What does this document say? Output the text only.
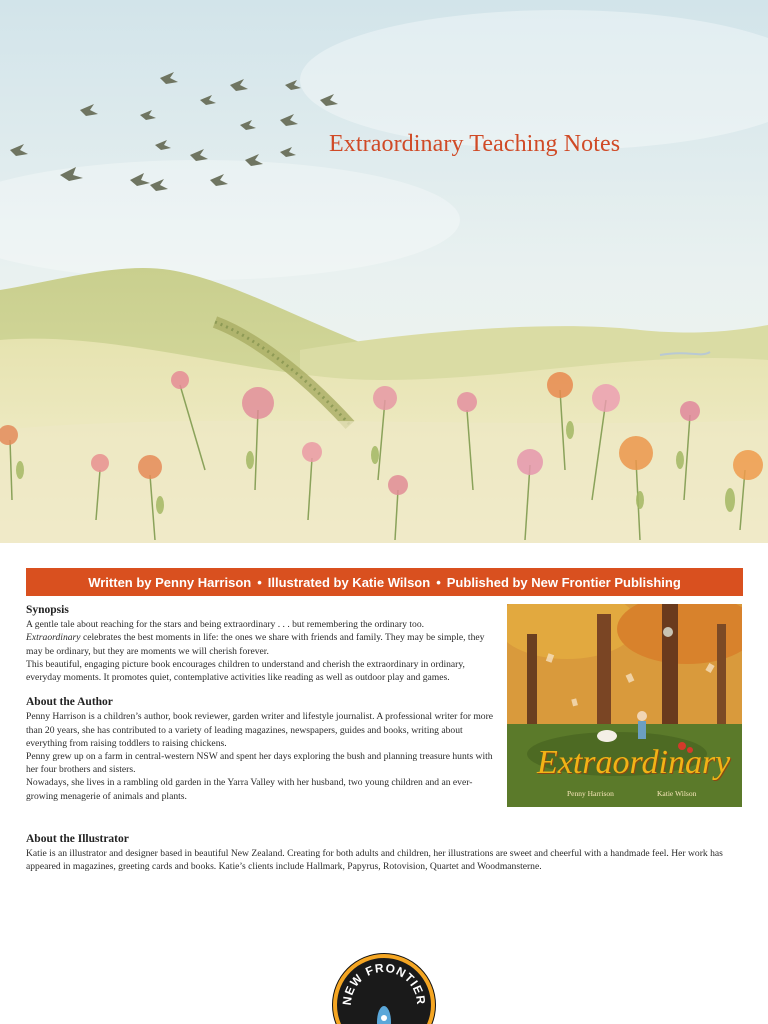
Extraordinary Teaching Notes
Written by Penny Harrison • Illustrated by Katie Wilson • Published by New Frontier Publishing
Synopsis

A gentle tale about reaching for the stars and being extraordinary . . . but remembering the ordinary too.

Extraordinary celebrates the best moments in life: the ones we share with friends and family. They may be simple, they may be ordinary, but they are moments we will cherish forever.

This beautiful, engaging picture book encourages children to understand and cherish the extraordinary in ordinary, everyday moments. It promotes quiet, contemplative activities like reading as well as outdoor play and games.

About the Author

Penny Harrison is a children’s author, book reviewer, garden writer and lifestyle journalist. A professional writer for more than 20 years, she has contributed to a variety of leading magazines, newspapers, guides and books, writing about everything from raising toddlers to raising chickens.

Penny grew up on a farm in central-western NSW and spent her days exploring the bush and planning treasure hunts with her four brothers and sisters.

Nowadays, she lives in a rambling old garden in the Yarra Valley with her husband, two young children and an ever-growing menagerie of animals and plants.

About the Illustrator

Katie is an illustrator and designer based in beautiful New Zealand. Creating for both adults and children, her illustrations are sweet and cheerful with a handmade feel. Her work has appeared in magazines, greeting cards and books. Katie’s clients include Hallmark, Papyrus, Rotovision, Quartet and Woodmansterne.

Extraordinary
Penny Harrison	Katie Wilson
NEW FRONTIER
